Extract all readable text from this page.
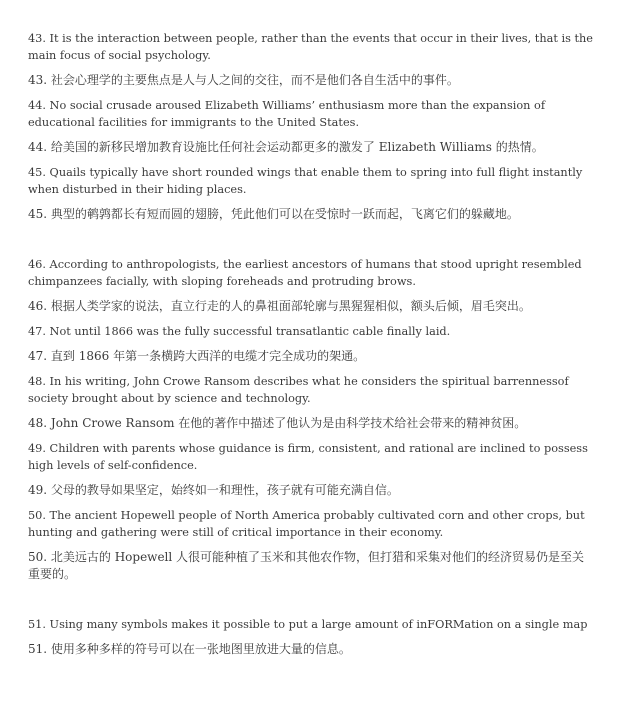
43. It is the interaction between people, rather than the events that occur in their lives, that is the main focus of social psychology.

43. 社会心理学的主要焦点是人与人之间的交往，而不是他们各自生活中的事件。

44. No social crusade aroused Elizabeth Williams’ enthusiasm more than the expansion of educational facilities for immigrants to the United States.

44. 给美国的新移民增加教育设施比任何社会运动都更多的激发了 Elizabeth Williams 的热情。

45. Quails typically have short rounded wings that enable them to spring into full flight instantly when disturbed in their hiding places.

45. 典型的鹌鹑都长有短而圆的翅膀，凭此他们可以在受惊时一跃而起，飞离它们的躲藏地。

46. According to anthropologists, the earliest ancestors of humans that stood upright resembled chimpanzees facially, with sloping foreheads and protruding brows.

46. 根据人类学家的说法，直立行走的人的鼻祖面部轮廓与黑猩猩相似，额头后倾，眉毛突出。

47. Not until 1866 was the fully successful transatlantic cable finally laid.

47. 直到 1866 年第一条横跨大西洋的电缆才完全成功的架通。

48. In his writing, John Crowe Ransom describes what he considers the spiritual barrennessof society brought about by science and technology.

48. John Crowe Ransom 在他的著作中描述了他认为是由科学技术给社会带来的精神贫困。

49. Children with parents whose guidance is firm, consistent, and rational are inclined to possess high levels of self-confidence.

49. 父母的教导如果坚定，始终如一和理性，孩子就有可能充满自信。

50. The ancient Hopewell people of North America probably cultivated corn and other crops, but hunting and gathering were still of critical importance in their economy.

50. 北美远古的 Hopewell 人很可能种植了玉米和其他农作物，但打猎和采集对他们的经济贸易仍是至关重要的。

51. Using many symbols makes it possible to put a large amount of inFORMation on a single map

51. 使用多种多样的符号可以在一张地图里放进大量的信息。
